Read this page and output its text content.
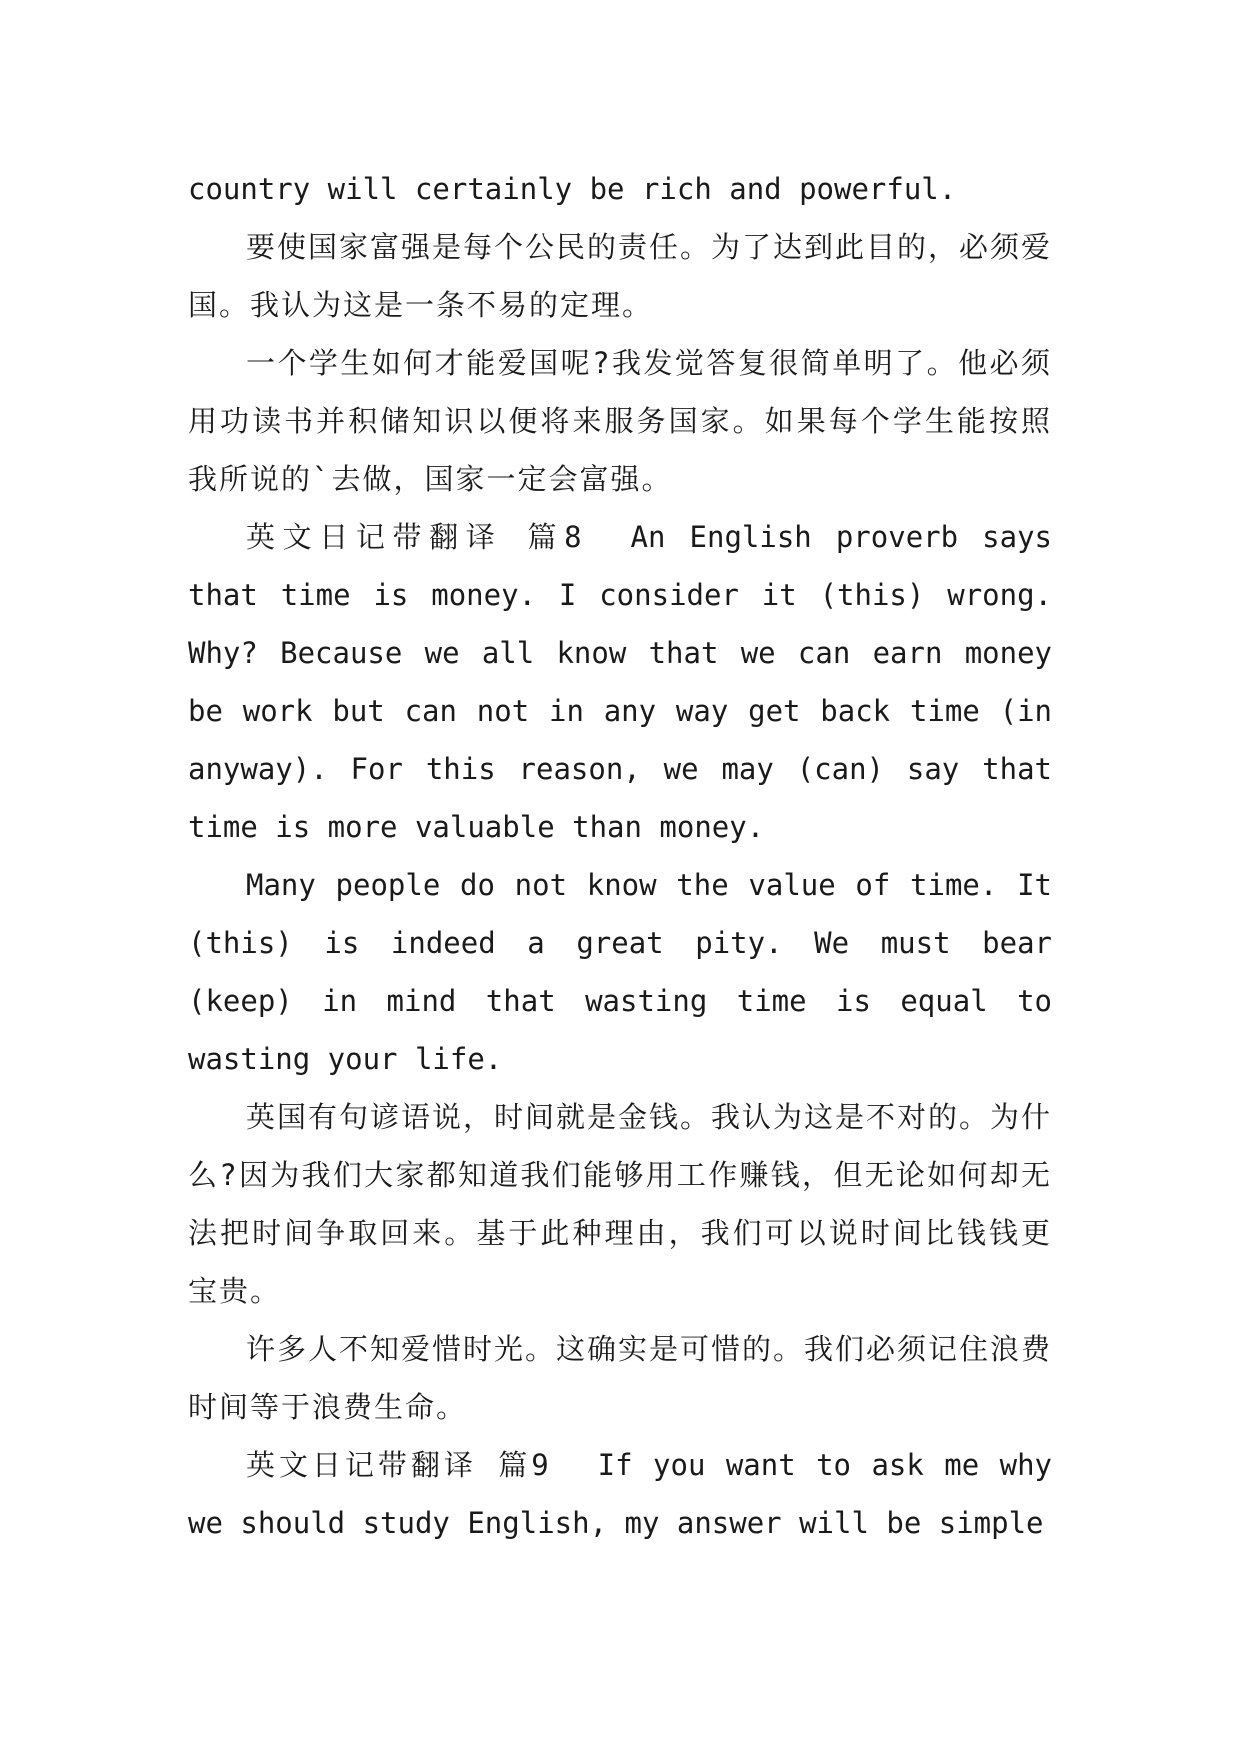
country will certainly be rich and powerful.

要使国家富强是每个公民的责任。为了达到此目的，必须爱国。我认为这是一条不易的定理。

一个学生如何才能爱国呢?我发觉答复很简单明了。他必须用功读书并积储知识以便将来服务国家。如果每个学生能按照我所说的`去做，国家一定会富强。

英文日记带翻译 篇8 An English proverb says that time is money. I consider it (this) wrong. Why? Because we all know that we can earn money be work but can not in any way get back time (in anyway). For this reason, we may (can) say that time is more valuable than money.

Many people do not know the value of time. It (this) is indeed a great pity. We must bear (keep) in mind that wasting time is equal to wasting your life.

英国有句谚语说，时间就是金钱。我认为这是不对的。为什么?因为我们大家都知道我们能够用工作赚钱，但无论如何却无法把时间争取回来。基于此种理由，我们可以说时间比钱钱更宝贵。

许多人不知爱惜时光。这确实是可惜的。我们必须记住浪费时间等于浪费生命。

英文日记带翻译 篇9 If you want to ask me why we should study English, my answer will be simple
